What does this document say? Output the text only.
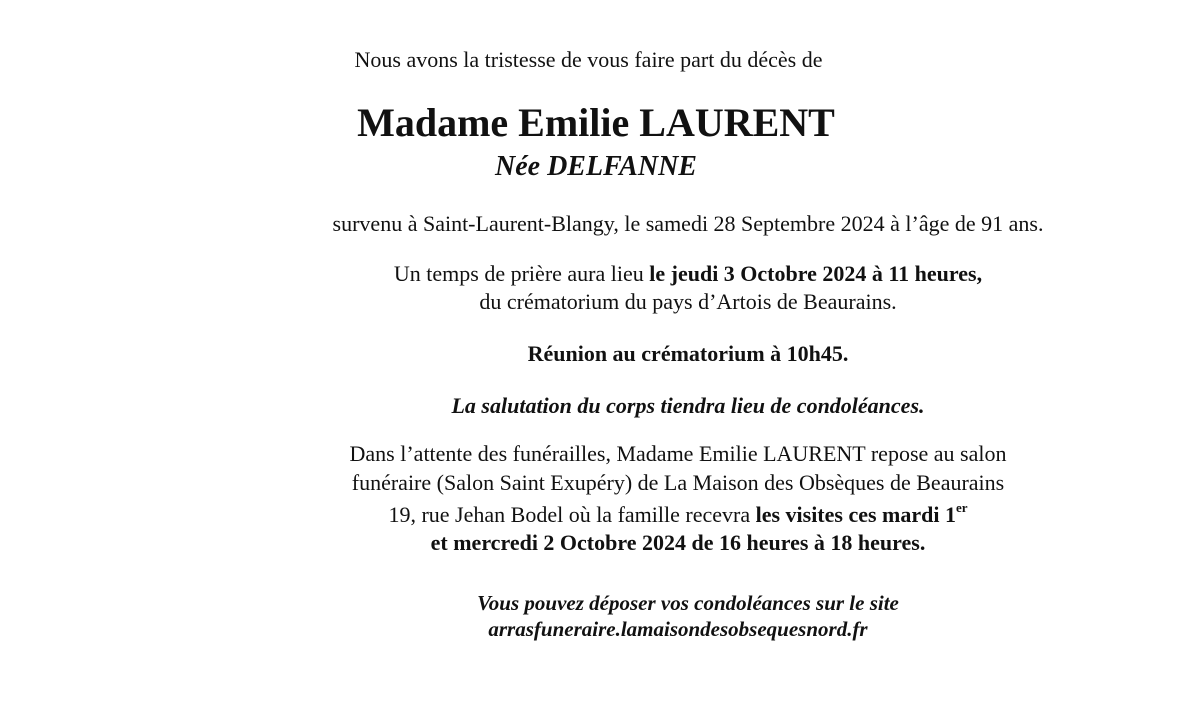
Nous avons la tristesse de vous faire part du décès de
Madame Emilie LAURENT
Née DELFANNE
survenu à Saint-Laurent-Blangy, le samedi 28 Septembre 2024 à l’âge de 91 ans.
Un temps de prière aura lieu le jeudi 3 Octobre 2024 à 11 heures,
du crématorium du pays d’Artois de Beaurains.
Réunion au crématorium à 10h45.
La salutation du corps tiendra lieu de condoléances.
Dans l’attente des funérailles, Madame Emilie LAURENT repose au salon
funéraire (Salon Saint Exupéry) de La Maison des Obsèques de Beaurains
19, rue Jehan Bodel où la famille recevra les visites ces mardi 1er
et mercredi 2 Octobre 2024 de 16 heures à 18 heures.
Vous pouvez déposer vos condoléances sur le site
arrasfuneraire.lamaisondesobsequesnord.fr
